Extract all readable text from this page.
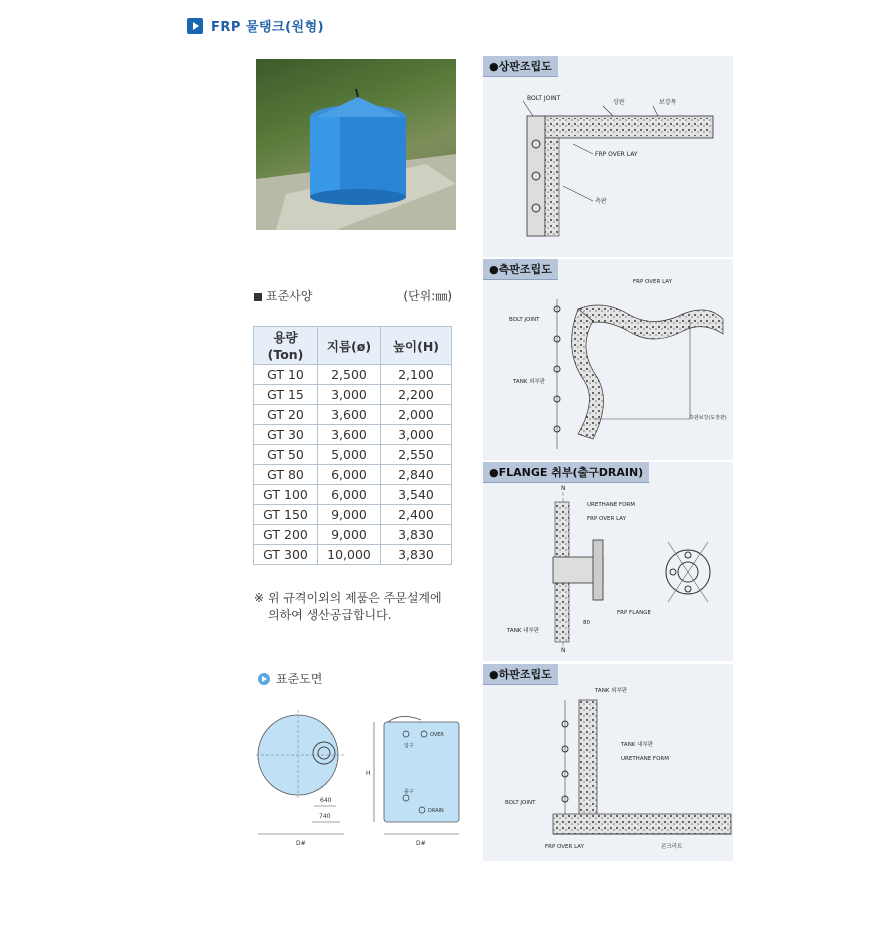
FRP 물탱크(원형)
표준사양	(단위:㎜)
용량
(Ton)	지름(ø)	높이(H)
GT 10	2,500	2,100
GT 15	3,000	2,200
GT 20	3,600	2,000
GT 30	3,600	3,000
GT 50	5,000	2,550
GT 80	6,000	2,840
GT 100	6,000	3,540
GT 150	9,000	2,400
GT 200	9,000	3,830
GT 300	10,000	3,830
※ 위 규격이외의 제품은 주문설계에
의하여 생산공급합니다.
표준도면
640
740
D#
H
OVER
입구
출구
DRAIN
D#
BOLT JOINT
상판	보강목
FRP OVER LAY
측판
●상판조립도
FRP OVER LAY
BOLT JOINT
TANK 외부판
측판보강(도장관)
●측판조립도
N
URETHANE FORM
FRP OVER LAY
FRP FLANGE
TANK 내부판
80
N
●FLANGE 취부(출구DRAIN)
TANK 외부판
TANK 내부판
URETHANE FORM
BOLT JOINT
FRP OVER LAY	콘크리트
●하판조립도
